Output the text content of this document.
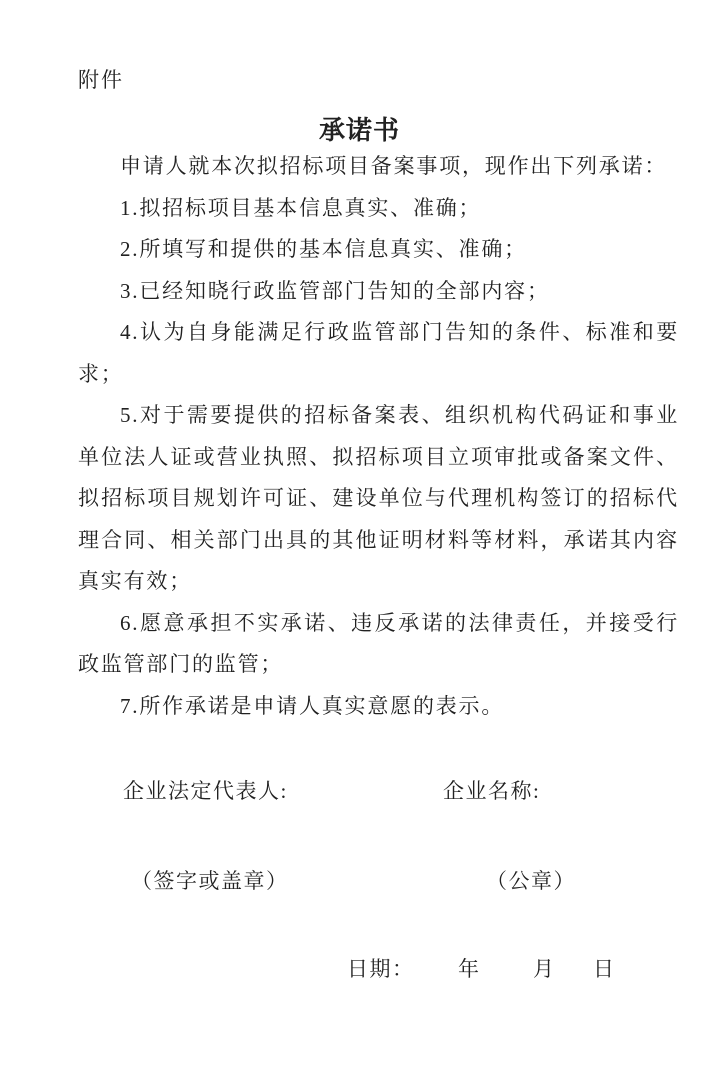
附件
承诺书

申请人就本次拟招标项目备案事项，现作出下列承诺：

1.拟招标项目基本信息真实、准确；

2.所填写和提供的基本信息真实、准确；

3.已经知晓行政监管部门告知的全部内容；

4.认为自身能满足行政监管部门告知的条件、标准和要求；

5.对于需要提供的招标备案表、组织机构代码证和事业单位法人证或营业执照、拟招标项目立项审批或备案文件、拟招标项目规划许可证、建设单位与代理机构签订的招标代理合同、相关部门出具的其他证明材料等材料，承诺其内容真实有效；

6.愿意承担不实承诺、违反承诺的法律责任，并接受行政监管部门的监管；

7.所作承诺是申请人真实意愿的表示。

企业法定代表人:	企业名称:
（签字或盖章）	（公章）
日期： 年	月 日
